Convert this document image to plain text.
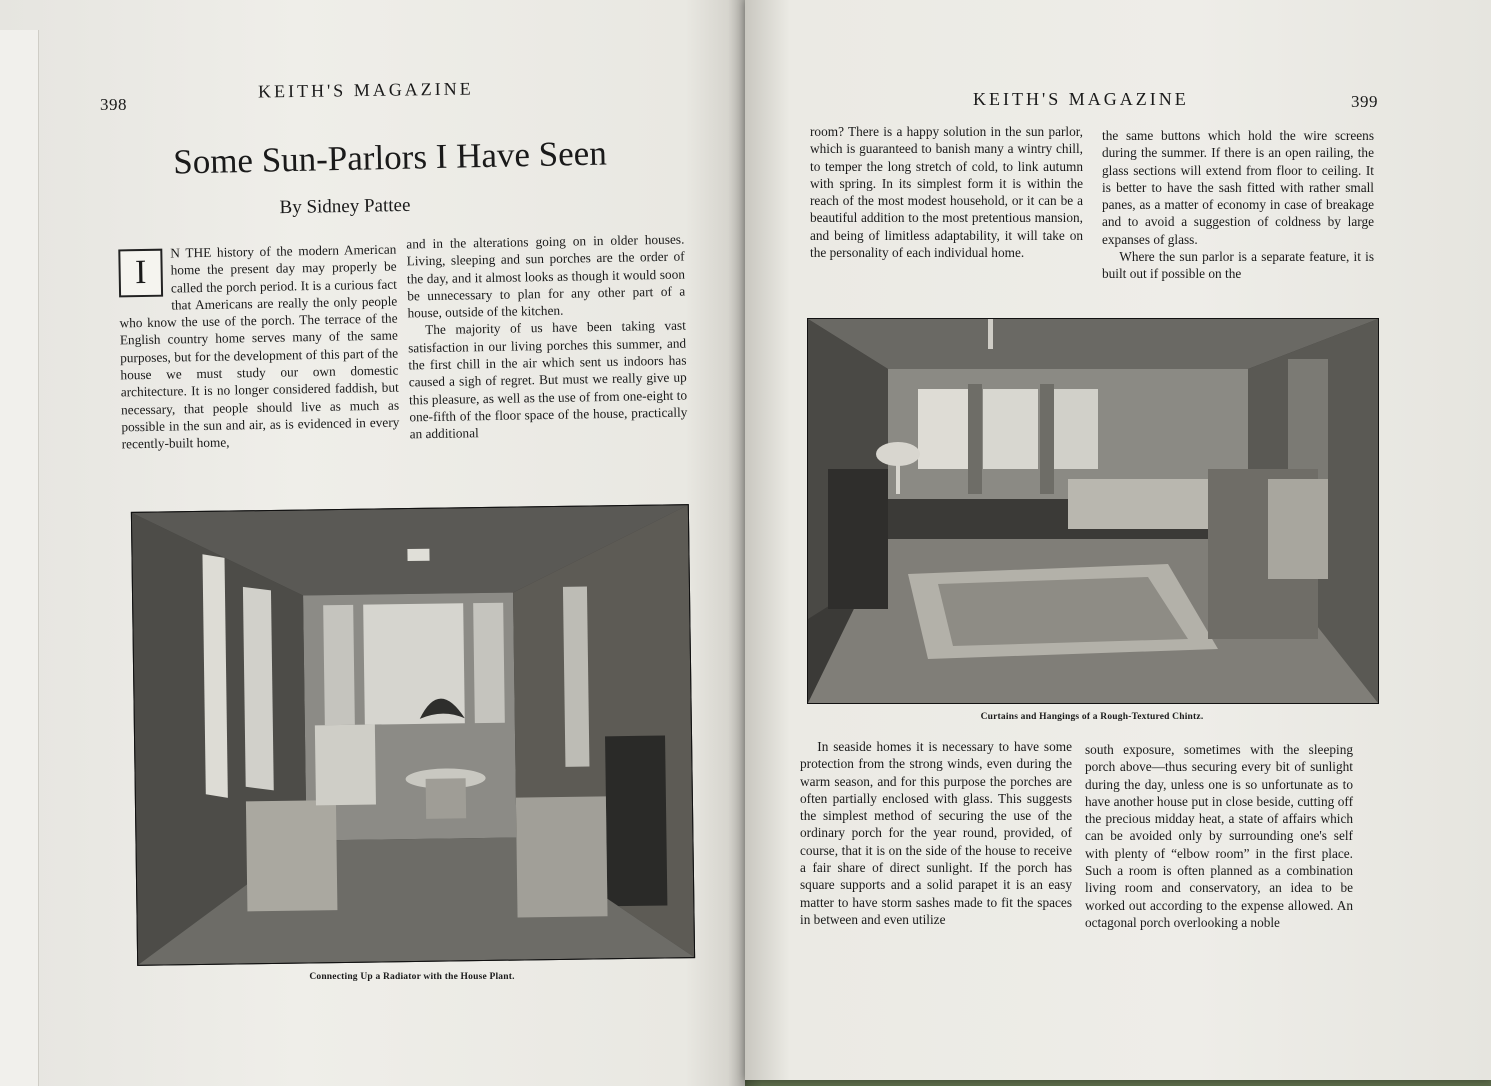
398
KEITH'S MAGAZINE
Some Sun-Parlors I Have Seen
By Sidney Pattee

I
N THE history of the modern American home the present day may properly be called the porch period. It is a curious fact that Americans are really the only people who know the use of the porch. The terrace of the English country home serves many of the same purposes, but for the development of this part of the house we must study our own domestic architecture. It is no longer considered faddish, but necessary, that people should live as much as possible in the sun and air, as is evidenced in every recently-built home,

and in the alterations going on in older houses. Living, sleeping and sun porches are the order of the day, and it almost looks as though it would soon be unnecessary to plan for any other part of a house, outside of the kitchen.

The majority of us have been taking vast satisfaction in our living porches this summer, and the first chill in the air which sent us indoors has caused a sigh of regret. But must we really give up this pleasure, as well as the use of from one-eight to one-fifth of the floor space of the house, practically an additional

Connecting Up a Radiator with the House Plant.
KEITH'S MAGAZINE	399

room? There is a happy solution in the sun parlor, which is guaranteed to banish many a wintry chill, to temper the long stretch of cold, to link autumn with spring. In its simplest form it is within the reach of the most modest household, or it can be a beautiful addition to the most pretentious mansion, and being of limitless adaptability, it will take on the personality of each individual home.

the same buttons which hold the wire screens during the summer. If there is an open railing, the glass sections will extend from floor to ceiling. It is better to have the sash fitted with rather small panes, as a matter of economy in case of breakage and to avoid a suggestion of coldness by large expanses of glass.

Where the sun parlor is a separate feature, it is built out if possible on the

Curtains and Hangings of a Rough-Textured Chintz.

In seaside homes it is necessary to have some protection from the strong winds, even during the warm season, and for this purpose the porches are often partially enclosed with glass. This suggests the simplest method of securing the use of the ordinary porch for the year round, provided, of course, that it is on the side of the house to receive a fair share of direct sunlight. If the porch has square supports and a solid parapet it is an easy matter to have storm sashes made to fit the spaces in between and even utilize

south exposure, sometimes with the sleeping porch above—thus securing every bit of sunlight during the day, unless one is so unfortunate as to have another house put in close beside, cutting off the precious midday heat, a state of affairs which can be avoided only by surrounding one's self with plenty of “elbow room” in the first place. Such a room is often planned as a combination living room and conservatory, an idea to be worked out according to the expense allowed. An octagonal porch overlooking a noble
